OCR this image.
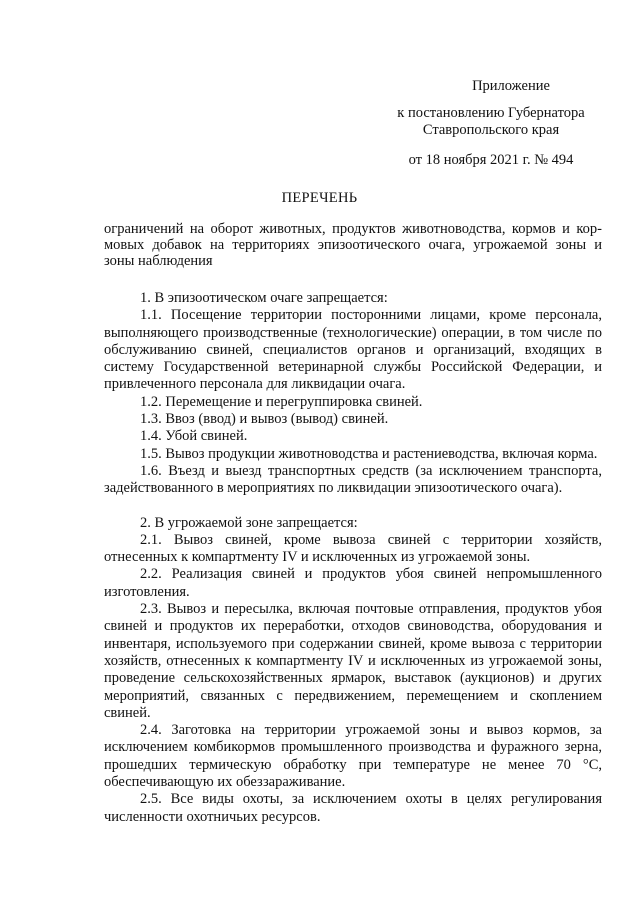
Приложение
к постановлению Губернатора
Ставропольского края
от 18 ноября 2021 г. № 494
ПЕРЕЧЕНЬ
ограничений на оборот животных, продуктов животноводства, кормов и кор-
мовых добавок на территориях эпизоотического очага, угрожаемой зоны и
зоны наблюдения

1. В эпизоотическом очаге запрещается:

1.1. Посещение территории посторонними лицами, кроме персонала, выполняющего производственные (технологические) операции, в том числе по обслуживанию свиней, специалистов органов и организаций, входящих в систему Государственной ветеринарной службы Российской Федерации, и привлеченного персонала для ликвидации очага.

1.2. Перемещение и перегруппировка свиней.

1.3. Ввоз (ввод) и вывоз (вывод) свиней.

1.4. Убой свиней.

1.5. Вывоз продукции животноводства и растениеводства, включая корма.

1.6. Въезд и выезд транспортных средств (за исключением транспорта, задействованного в мероприятиях по ликвидации эпизоотического очага).

2. В угрожаемой зоне запрещается:

2.1. Вывоз свиней, кроме вывоза свиней с территории хозяйств, отнесенных к компартменту IV и исключенных из угрожаемой зоны.

2.2. Реализация свиней и продуктов убоя свиней непромышленного изготовления.

2.3. Вывоз и пересылка, включая почтовые отправления, продуктов убоя свиней и продуктов их переработки, отходов свиноводства, оборудования и инвентаря, используемого при содержании свиней, кроме вывоза с территории хозяйств, отнесенных к компартменту IV и исключенных из угрожаемой зоны, проведение сельскохозяйственных ярмарок, выставок (аукционов) и других мероприятий, связанных с передвижением, перемещением и скоплением свиней.

2.4. Заготовка на территории угрожаемой зоны и вывоз кормов, за исключением комбикормов промышленного производства и фуражного зерна, прошедших термическую обработку при температуре не менее 70 °С, обеспечивающую их обеззараживание.

2.5. Все виды охоты, за исключением охоты в целях регулирования численности охотничьих ресурсов.
